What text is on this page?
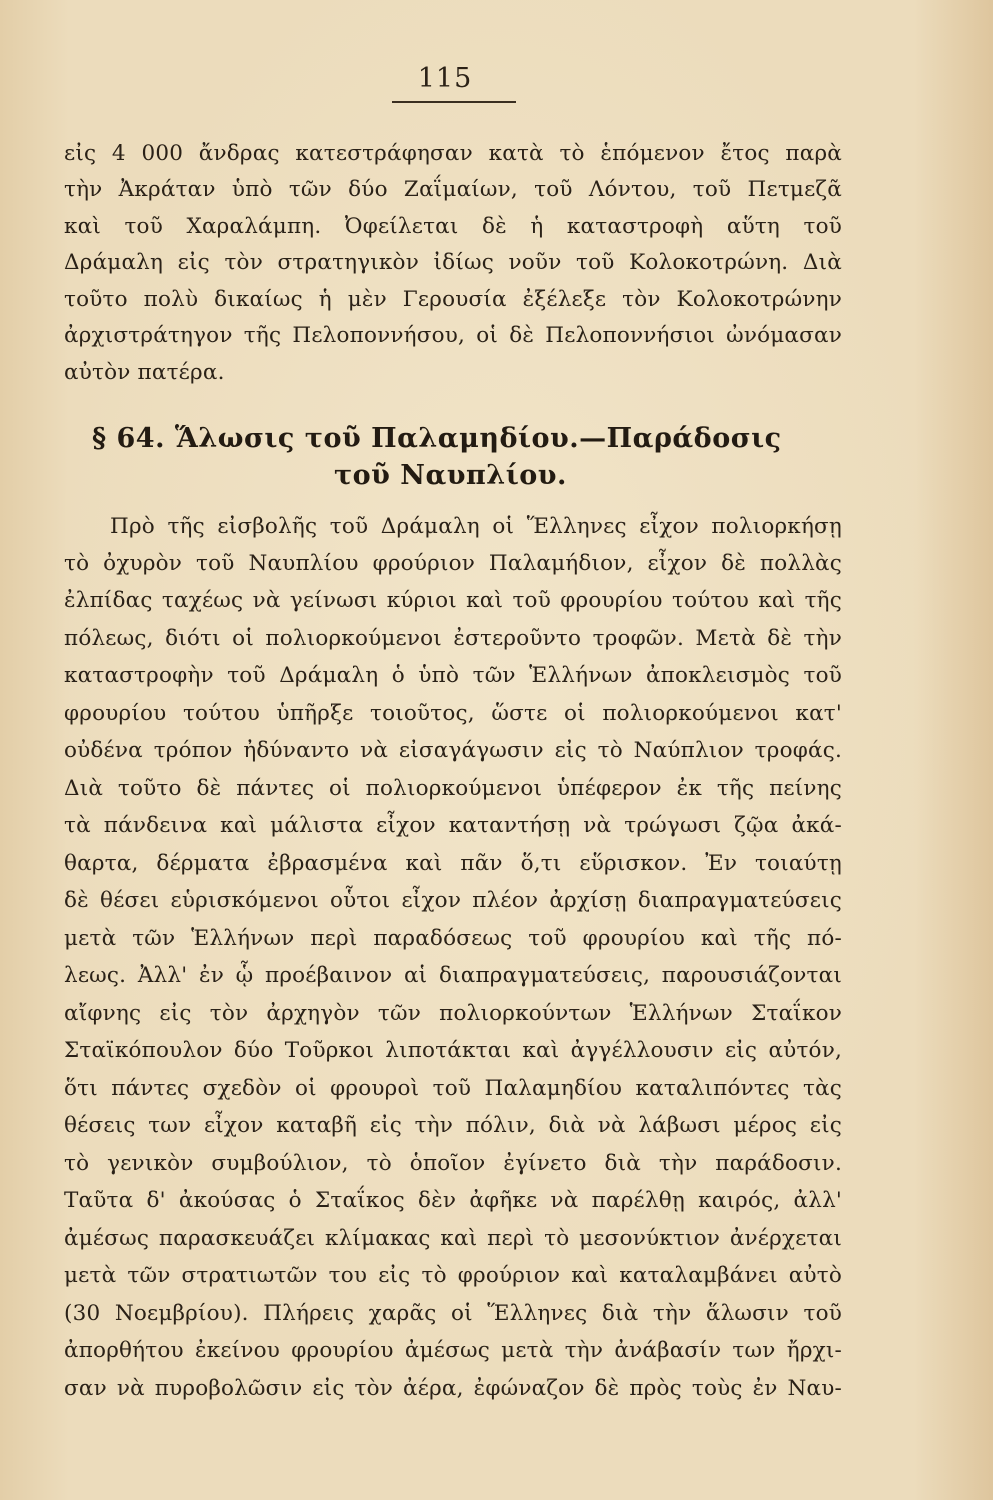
115
εἰς 4 000 ἄνδρας κατεστράφησαν κατὰ τὸ ἑπόμενον ἔτος παρὰ
τὴν Ἀκράταν ὑπὸ τῶν δύο Ζαΐμαίων, τοῦ Λόντου, τοῦ Πετμεζᾶ
καὶ τοῦ Χαραλάμπη. Ὀφείλεται δὲ ἡ καταστροφὴ αὕτη τοῦ
Δράμαλη εἰς τὸν στρατηγικὸν ἰδίως νοῦν τοῦ Κολοκοτρώνη. Διὰ
τοῦτο πολὺ δικαίως ἡ μὲν Γερουσία ἐξέλεξε τὸν Κολοκοτρώνην
ἀρχιστράτηγον τῆς Πελοποννήσου, οἱ δὲ Πελοποννήσιοι ὠνόμασαν
αὐτὸν πατέρα.
§ 64. Ἅλωσις τοῦ Παλαμηδίου.—Παράδοσις
τοῦ Ναυπλίου.
Πρὸ τῆς εἰσβολῆς τοῦ Δράμαλη οἱ Ἕλληνες εἶχον πολιορκήσῃ
τὸ ὀχυρὸν τοῦ Ναυπλίου φρούριον Παλαμήδιον, εἶχον δὲ πολλὰς
ἐλπίδας ταχέως νὰ γείνωσι κύριοι καὶ τοῦ φρουρίου τούτου καὶ τῆς
πόλεως, διότι οἱ πολιορκούμενοι ἐστεροῦντο τροφῶν. Μετὰ δὲ τὴν
καταστροφὴν τοῦ Δράμαλη ὁ ὑπὸ τῶν Ἑλλήνων ἀποκλεισμὸς τοῦ
φρουρίου τούτου ὑπῆρξε τοιοῦτος, ὥστε οἱ πολιορκούμενοι κατ'
οὐδένα τρόπον ἠδύναντο νὰ εἰσαγάγωσιν εἰς τὸ Ναύπλιον τροφάς.
Διὰ τοῦτο δὲ πάντες οἱ πολιορκούμενοι ὑπέφερον ἐκ τῆς πείνης
τὰ πάνδεινα καὶ μάλιστα εἶχον καταντήσῃ νὰ τρώγωσι ζῷα ἀκά-
θαρτα, δέρματα ἐβρασμένα καὶ πᾶν ὅ,τι εὕρισκον. Ἐν τοιαύτῃ
δὲ θέσει εὑρισκόμενοι οὗτοι εἶχον πλέον ἀρχίσῃ διαπραγματεύσεις
μετὰ τῶν Ἑλλήνων περὶ παραδόσεως τοῦ φρουρίου καὶ τῆς πό-
λεως. Ἀλλ' ἐν ᾧ προέβαινον αἱ διαπραγματεύσεις, παρουσιάζονται
αἴφνης εἰς τὸν ἀρχηγὸν τῶν πολιορκούντων Ἑλλήνων Σταΐκον
Σταϊκόπουλον δύο Τοῦρκοι λιποτάκται καὶ ἀγγέλλουσιν εἰς αὐτόν,
ὅτι πάντες σχεδὸν οἱ φρουροὶ τοῦ Παλαμηδίου καταλιπόντες τὰς
θέσεις των εἶχον καταβῆ εἰς τὴν πόλιν, διὰ νὰ λάβωσι μέρος εἰς
τὸ γενικὸν συμβούλιον, τὸ ὁποῖον ἐγίνετο διὰ τὴν παράδοσιν.
Ταῦτα δ' ἀκούσας ὁ Σταΐκος δὲν ἀφῆκε νὰ παρέλθῃ καιρός, ἀλλ'
ἀμέσως παρασκευάζει κλίμακας καὶ περὶ τὸ μεσονύκτιον ἀνέρχεται
μετὰ τῶν στρατιωτῶν του εἰς τὸ φρούριον καὶ καταλαμβάνει αὐτὸ
(30 Νοεμβρίου). Πλήρεις χαρᾶς οἱ Ἕλληνες διὰ τὴν ἅλωσιν τοῦ
ἀπορθήτου ἐκείνου φρουρίου ἀμέσως μετὰ τὴν ἀνάβασίν των ἤρχι-
σαν νὰ πυροβολῶσιν εἰς τὸν ἀέρα, ἐφώναζον δὲ πρὸς τοὺς ἐν Ναυ-
